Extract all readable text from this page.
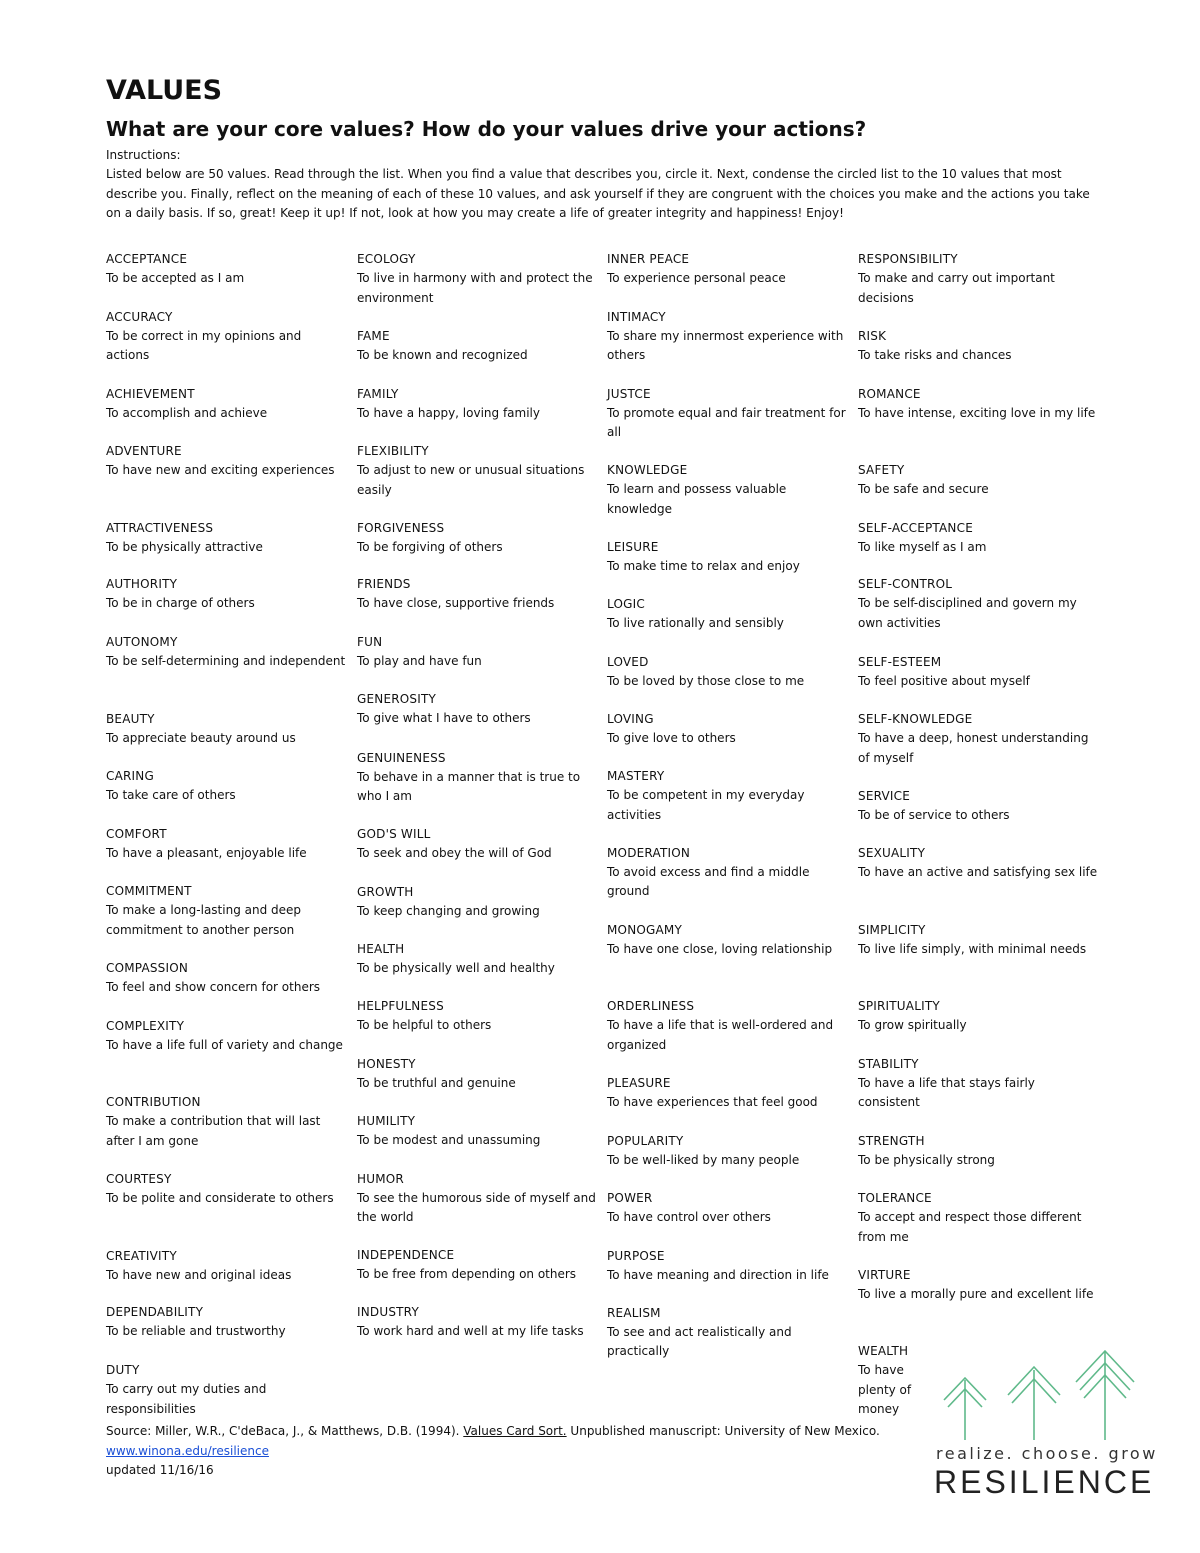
VALUES
What are your core values? How do your values drive your actions?
Instructions:
Listed below are 50 values. Read through the list. When you find a value that describes you, circle it. Next, condense the circled list to the 10 values that most describe you. Finally, reflect on the meaning of each of these 10 values, and ask yourself if they are congruent with the choices you make and the actions you take on a daily basis. If so, great! Keep it up! If not, look at how you may create a life of greater integrity and happiness! Enjoy!
ACCEPTANCE
To be accepted as I am
ACCURACY
To be correct in my opinions and actions
ACHIEVEMENT
To accomplish and achieve
ADVENTURE
To have new and exciting experiences
ATTRACTIVENESS
To be physically attractive
AUTHORITY
To be in charge of others
AUTONOMY
To be self-determining and independent
BEAUTY
To appreciate beauty around us
CARING
To take care of others
COMFORT
To have a pleasant, enjoyable life
COMMITMENT
To make a long-lasting and deep commitment to another person
COMPASSION
To feel and show concern for others
COMPLEXITY
To have a life full of variety and change
CONTRIBUTION
To make a contribution that will last after I am gone
COURTESY
To be polite and considerate to others
CREATIVITY
To have new and original ideas
DEPENDABILITY
To be reliable and trustworthy
DUTY
To carry out my duties and responsibilities
ECOLOGY
To live in harmony with and protect the environment
FAME
To be known and recognized
FAMILY
To have a happy, loving family
FLEXIBILITY
To adjust to new or unusual situations easily
FORGIVENESS
To be forgiving of others
FRIENDS
To have close, supportive friends
FUN
To play and have fun
GENEROSITY
To give what I have to others
GENUINENESS
To behave in a manner that is true to who I am
GOD'S WILL
To seek and obey the will of God
GROWTH
To keep changing and growing
HEALTH
To be physically well and healthy
HELPFULNESS
To be helpful to others
HONESTY
To be truthful and genuine
HUMILITY
To be modest and unassuming
HUMOR
To see the humorous side of myself and the world
INDEPENDENCE
To be free from depending on others
INDUSTRY
To work hard and well at my life tasks
INNER PEACE
To experience personal peace
INTIMACY
To share my innermost experience with others
JUSTCE
To promote equal and fair treatment for all
KNOWLEDGE
To learn and possess valuable knowledge
LEISURE
To make time to relax and enjoy
LOGIC
To live rationally and sensibly
LOVED
To be loved by those close to me
LOVING
To give love to others
MASTERY
To be competent in my everyday activities
MODERATION
To avoid excess and find a middle ground
MONOGAMY
To have one close, loving relationship
ORDERLINESS
To have a life that is well-ordered and organized
PLEASURE
To have experiences that feel good
POPULARITY
To be well-liked by many people
POWER
To have control over others
PURPOSE
To have meaning and direction in life
REALISM
To see and act realistically and practically
RESPONSIBILITY
To make and carry out important decisions
RISK
To take risks and chances
ROMANCE
To have intense, exciting love in my life
SAFETY
To be safe and secure
SELF-ACCEPTANCE
To like myself as I am
SELF-CONTROL
To be self-disciplined and govern my own activities
SELF-ESTEEM
To feel positive about myself
SELF-KNOWLEDGE
To have a deep, honest understanding of myself
SERVICE
To be of service to others
SEXUALITY
To have an active and satisfying sex life
SIMPLICITY
To live life simply, with minimal needs
SPIRITUALITY
To grow spiritually
STABILITY
To have a life that stays fairly consistent
STRENGTH
To be physically strong
TOLERANCE
To accept and respect those different from me
VIRTURE
To live a morally pure and excellent life
WEALTH
To have plenty of money
Source: Miller, W.R., C'deBaca, J., & Matthews, D.B. (1994). Values Card Sort. Unpublished manuscript: University of New Mexico.
www.winona.edu/resilience
updated 11/16/16
realize. choose. grow
RESILIENCE
